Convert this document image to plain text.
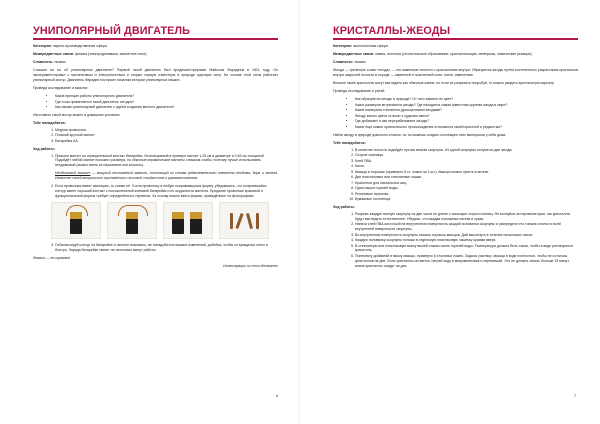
УНИПОЛЯРНЫЙ ДВИГАТЕЛЬ

Категория: научно-производственная сфера.

Межпредметные связи: физика (электродинамика, магнитное поле).

Сложность: низкая.

Слышал ли ты об униполярном двигателе? Первый такой двигатель был продемонстрирован Майклом Фарадеем в 1821 году. Он экспериментировал с магнетизмом и электричеством и открыл первую известную в природе круговую силу. На основе этой силы работает униполярный мотор. Двигатель Фарадея послужил началом истории униполярных машин.

Проведи исследование и выясни:

• Каков принцип работы униполярного двигателя?
• Где и как применяется такой двигатель сегодня?
• Как связан униполярный двигатель с идеей создания вечного двигателя?

Изготовить такой мотор можно в домашних условиях.

Тебе понадобится:

1. Медная проволока.
2. Плоский круглый магнит.
3. Батарейка АА.

Ход работы:

1. Приклеи магнит на отрицательный контакт батарейки. Используемый в примере магнит 1,25 см в диаметре и 0,63 см толщиной. Подойдёт любой магнит похожего размера, но обычные керамические магниты слишком слабы, поэтому лучше использовать неодимовый (можно взять из наушников или колонок).

Неодимовый магнит — мощный постоянный магнит, состоящий из сплава редкоземельного элемента неодима, бора и железа. Известен своей мощностью притяжения и высокой стойкостью к размагничиванию.

2. Если проволока имеет изоляцию, то сними её. Согни проволоку в любую понравившуюся форму, убедившись, что получившийся контур имеет хороший контакт с положительной клеммой батарейки и по окружности магнита. Предание проволоке красивой и функциональной формы требует определённого терпения. За основу можно взять формы, приведённые на фотографиях.
3. Отбалансируй контур на батарейке и, вполне возможно, не понадобится никаких изменений, добейся, чтобы он вращался легко и быстро. Заряда батарейки хватит на несколько минут работы.

Физика — это красиво!

Иллюстрации из сети Интернет

6
КРИСТАЛЛЫ-ЖЕОДЫ

Категория: экологическая сфера.

Межпредметные связи: химия, геология (геологическое образование, кристаллизация, минералы, химические реакции).

Сложность: низкая.

Жеода — греческое слово «геода» — это каменные полости с кристаллами внутри. Образуются жеоды путём постепенного разрастания кристаллов внутри закрытой полости в породе — каменной и позеленной соли, гипсе, известняке.

Внешне такие кристаллы могут выглядеть как обычные камни, но если их разрезать попробуй, то можно увидеть кристальную картину!

Проведи исследование и узнай:

• Как образуются жеоды в природе? От чего зависит их цвет?
• Каких размеров встречаются жеоды? Где находится самая известная крупная жеода в мире?
• Какие минералы считаются драгоценными жеодами?
• Жеоду какого цвета относят к чудесам света?
• Где добывают и как перерабатывают жеоды?
• Какие ещё камни органического происхождения отличаются своей красотой и редкостью?

Найти жеоду в природе довольно сложно, но ты можешь создать коллекцию этих минералов у себя дома.

Тебе понадобится:

1. В качестве полости подойдёт пустая яичная скорлупа. Из одной скорлупы получится две жеоды.
2. Острые ножницы.
3. Клей ПВА.
4. Кисть.
5. Квасцы в порошке (примерно 6 ст. ложек на 1 шт.). Квасцы можно купить в аптеке.
6. Две пластиковые или стеклянные чашки.
7. Красители для пасхальных яиц.
8. Одна чашка горячей воды.
9. Резиновые перчатки.
10. Бумажные полотенца.

Ход работы:

1. Разрежь каждую яичную скорлупу на две части по длине с помощью острых ножниц. Не волнуйся за неровные края, так кристаллы будут выглядеть естественнее. Убедись, что каждая половинка чистая и сухая.
2. Нанеси клей ПВА кисточкой на внутреннюю поверхность каждой половинки скорлупы и распредели его тонким слоем по всей внутренней поверхности скорлупы.
3. Во внутреннюю поверхность скорлупы насыпь порошок квасцов. Дай высохнуть в течение нескольких часов.
4. Каждую половинку скорлупы положи в отдельную пластиковую чашечку краями вверх.
5. В стеклянную или пластиковую миску вылей стакан очень горячей воды. Температура должна быть такая, чтобы в воде растворился краситель.
6. Понемногу добавляй в миску квасцы, примерно 6 столовых ложек. Задача: раствор, квасцы в воде полностью, чтобы не осталось кристаллов на дне. Если кристаллы остаются, нагрей воду в микроволновке и перемешай. Это не должно занять больше 15 минут, иначе кристаллы осядут на дно.
7
